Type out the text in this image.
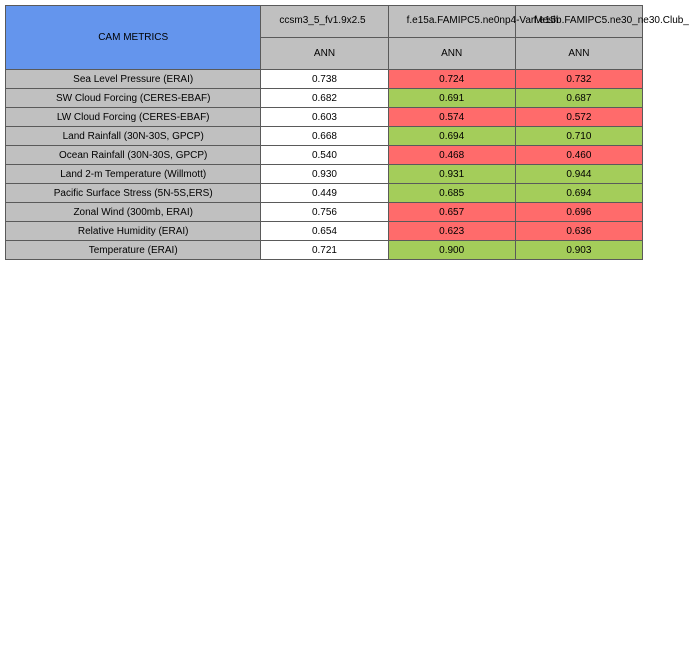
CAM METRICS	ccsm3_5_fv1.9x2.5	f.e15a.FAMIPC5.ne0np4-VarMesh	f.e15b.FAMIPC5.ne30_ne30.Club_

	ANN	ANN	ANN
Sea Level Pressure (ERAI)	0.738	0.724	0.732
SW Cloud Forcing (CERES-EBAF)	0.682	0.691	0.687
LW Cloud Forcing (CERES-EBAF)	0.603	0.574	0.572
Land Rainfall (30N-30S, GPCP)	0.668	0.694	0.710
Ocean Rainfall (30N-30S, GPCP)	0.540	0.468	0.460
Land 2-m Temperature (Willmott)	0.930	0.931	0.944
Pacific Surface Stress (5N-5S,ERS)	0.449	0.685	0.694
Zonal Wind (300mb, ERAI)	0.756	0.657	0.696
Relative Humidity (ERAI)	0.654	0.623	0.636
Temperature (ERAI)	0.721	0.900	0.903
